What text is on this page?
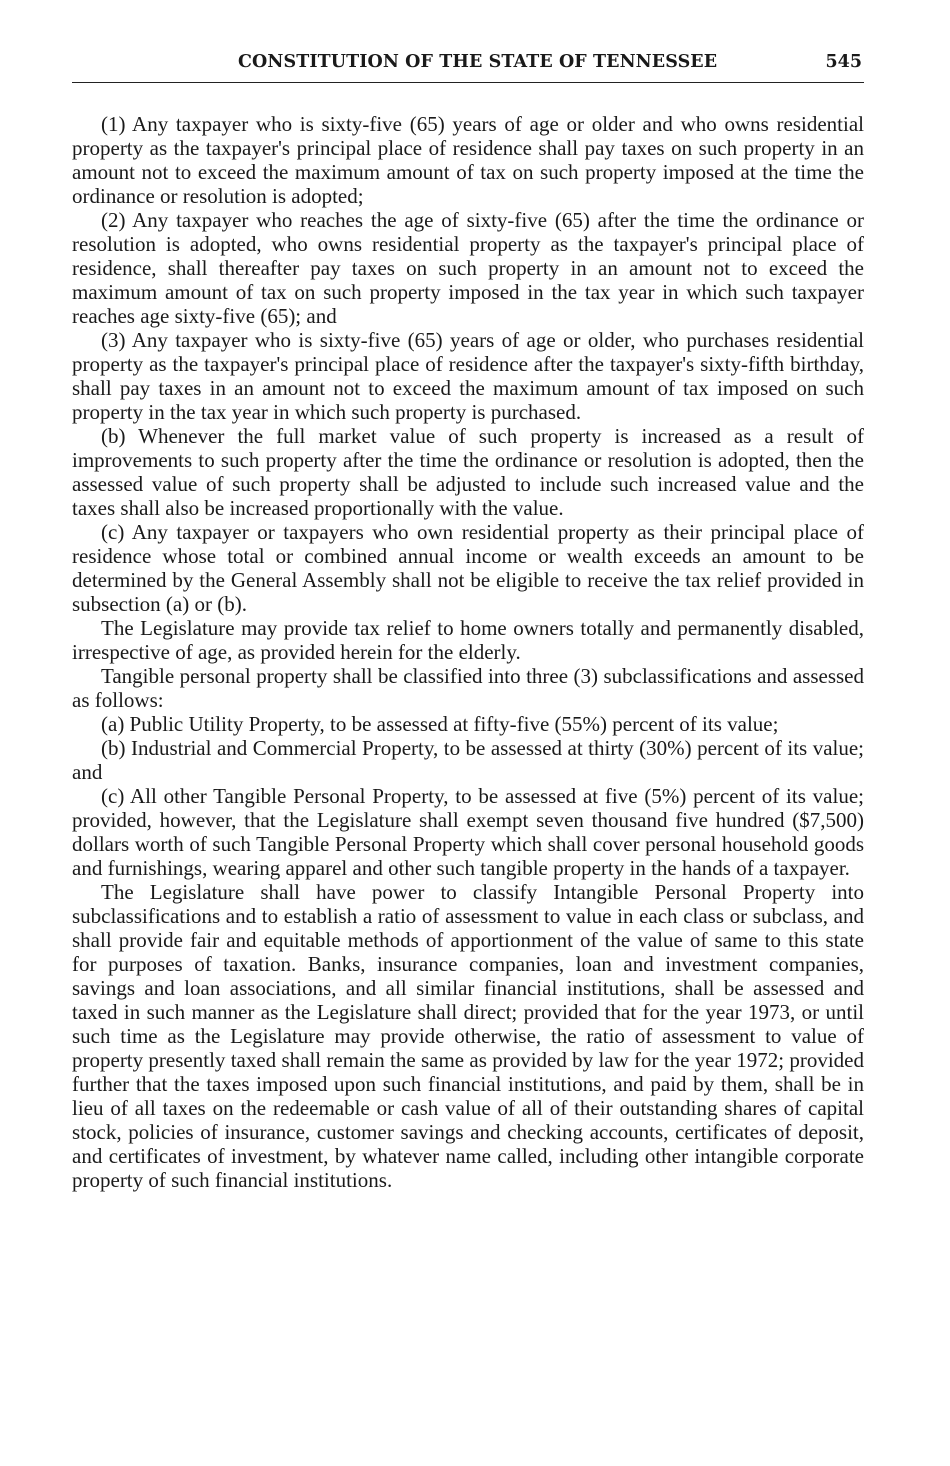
CONSTITUTION OF THE STATE OF TENNESSEE	545

(1) Any taxpayer who is sixty-five (65) years of age or older and who owns residential property as the taxpayer's principal place of residence shall pay taxes on such property in an amount not to exceed the maximum amount of tax on such property imposed at the time the ordinance or resolution is adopted;

(2) Any taxpayer who reaches the age of sixty-five (65) after the time the ordinance or resolution is adopted, who owns residential property as the taxpayer's principal place of residence, shall thereafter pay taxes on such property in an amount not to exceed the maximum amount of tax on such property imposed in the tax year in which such taxpayer reaches age sixty-five (65); and

(3) Any taxpayer who is sixty-five (65) years of age or older, who purchases residential property as the taxpayer's principal place of residence after the taxpayer's sixty-fifth birthday, shall pay taxes in an amount not to exceed the maximum amount of tax imposed on such property in the tax year in which such property is purchased.

(b) Whenever the full market value of such property is increased as a result of improvements to such property after the time the ordinance or resolution is adopted, then the assessed value of such property shall be adjusted to include such increased value and the taxes shall also be increased proportionally with the value.

(c) Any taxpayer or taxpayers who own residential property as their principal place of residence whose total or combined annual income or wealth exceeds an amount to be determined by the General Assembly shall not be eligible to receive the tax relief provided in subsection (a) or (b).

The Legislature may provide tax relief to home owners totally and permanently disabled, irrespective of age, as provided herein for the elderly.

Tangible personal property shall be classified into three (3) subclassifications and assessed as follows:

(a) Public Utility Property, to be assessed at fifty-five (55%) percent of its value;

(b) Industrial and Commercial Property, to be assessed at thirty (30%) percent of its value; and

(c) All other Tangible Personal Property, to be assessed at five (5%) percent of its value; provided, however, that the Legislature shall exempt seven thousand five hundred ($7,500) dollars worth of such Tangible Personal Property which shall cover personal household goods and furnishings, wearing apparel and other such tangible property in the hands of a taxpayer.

The Legislature shall have power to classify Intangible Personal Property into subclassifications and to establish a ratio of assessment to value in each class or subclass, and shall provide fair and equitable methods of apportionment of the value of same to this state for purposes of taxation. Banks, insurance companies, loan and investment companies, savings and loan associations, and all similar financial institutions, shall be assessed and taxed in such manner as the Legislature shall direct; provided that for the year 1973, or until such time as the Legislature may provide otherwise, the ratio of assessment to value of property presently taxed shall remain the same as provided by law for the year 1972; provided further that the taxes imposed upon such financial institutions, and paid by them, shall be in lieu of all taxes on the redeemable or cash value of all of their outstanding shares of capital stock, policies of insurance, customer savings and checking accounts, certificates of deposit, and certificates of investment, by whatever name called, including other intangible corporate property of such financial institutions.
